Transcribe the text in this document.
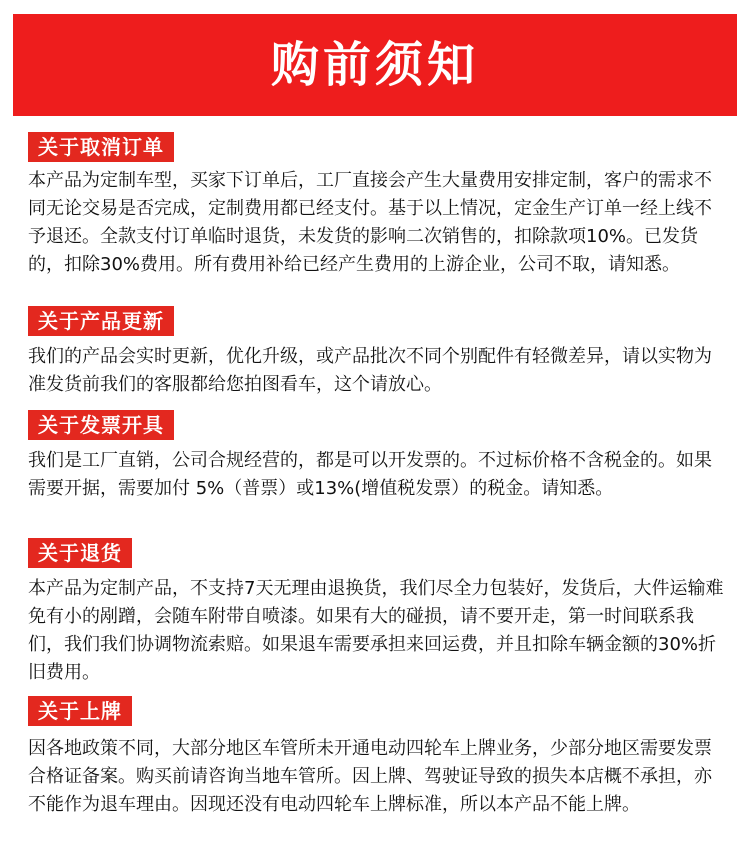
购前须知
关于取消订单
本产品为定制车型，买家下订单后，工厂直接会产生大量费用安排定制，客户的需求不同无论交易是否完成，定制费用都已经支付。基于以上情况，定金生产订单一经上线不予退还。全款支付订单临时退货，未发货的影响二次销售的，扣除款项10%。已发货的，扣除30%费用。所有费用补给已经产生费用的上游企业，公司不取，请知悉。
关于产品更新
我们的产品会实时更新，优化升级，或产品批次不同个别配件有轻微差异，请以实物为准发货前我们的客服都给您拍图看车，这个请放心。
关于发票开具
我们是工厂直销，公司合规经营的，都是可以开发票的。不过标价格不含税金的。如果需要开据，需要加付 5%（普票）或13%(增值税发票）的税金。请知悉。
关于退货
本产品为定制产品，不支持7天无理由退换货，我们尽全力包装好，发货后，大件运输难免有小的剐蹭，会随车附带自喷漆。如果有大的碰损，请不要开走，第一时间联系我们，我们我们协调物流索赔。如果退车需要承担来回运费，并且扣除车辆金额的30%折旧费用。
关于上牌
因各地政策不同，大部分地区车管所未开通电动四轮车上牌业务，少部分地区需要发票合格证备案。购买前请咨询当地车管所。因上牌、驾驶证导致的损失本店概不承担，亦不能作为退车理由。因现还没有电动四轮车上牌标准，所以本产品不能上牌。
